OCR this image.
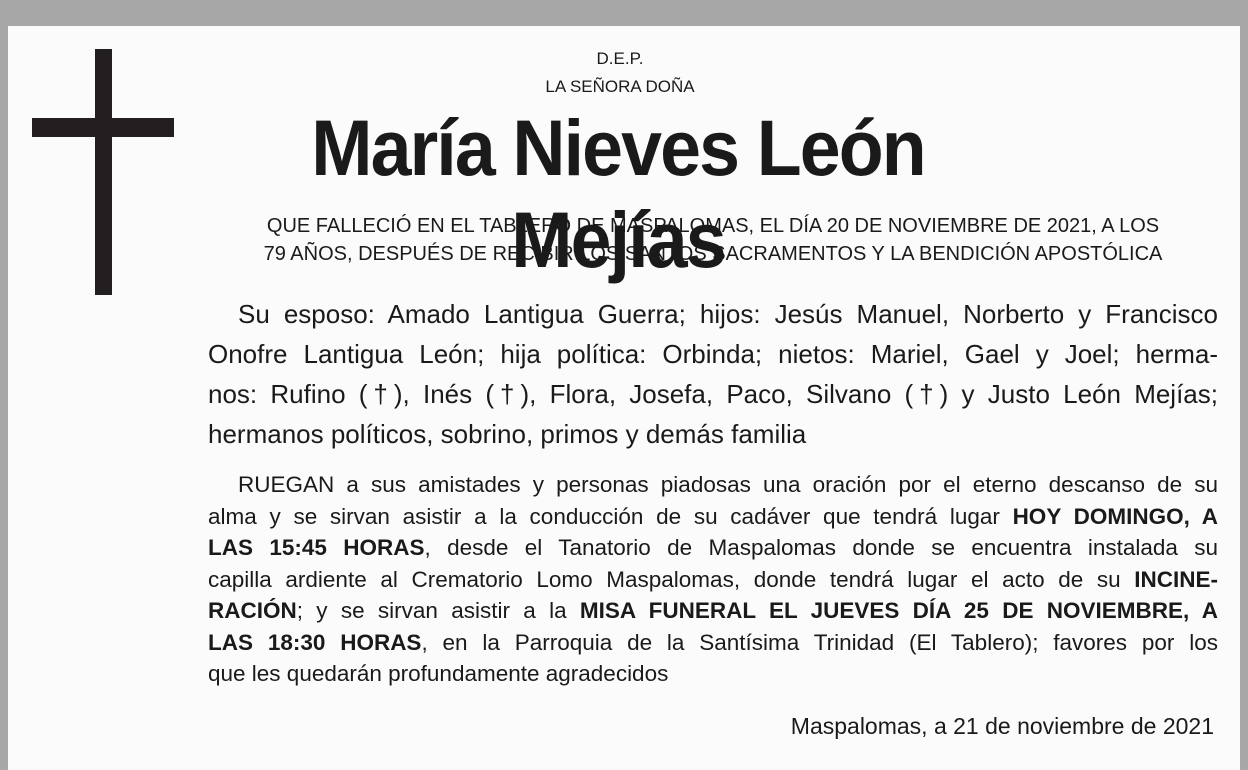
D.E.P.
LA SEÑORA DOÑA
María Nieves León Mejías
QUE FALLECIÓ EN EL TABLERO DE MASPALOMAS, EL DÍA 20 DE NOVIEMBRE DE 2021, A LOS
79 AÑOS, DESPUÉS DE RECIBIR LOS SANTOS SACRAMENTOS Y LA BENDICIÓN APOSTÓLICA
Su esposo: Amado Lantigua Guerra; hijos: Jesús Manuel, Norberto y Francisco
Onofre Lantigua León; hija política: Orbinda; nietos: Mariel, Gael y Joel; herma-
nos: Rufino (†), Inés (†), Flora, Josefa, Paco, Silvano (†) y Justo León Mejías;
hermanos políticos, sobrino, primos y demás familia
RUEGAN a sus amistades y personas piadosas una oración por el eterno descanso de su
alma y se sirvan asistir a la conducción de su cadáver que tendrá lugar HOY DOMINGO, A
LAS 15:45 HORAS, desde el Tanatorio de Maspalomas donde se encuentra instalada su
capilla ardiente al Crematorio Lomo Maspalomas, donde tendrá lugar el acto de su INCINE-
RACIÓN; y se sirvan asistir a la MISA FUNERAL EL JUEVES DÍA 25 DE NOVIEMBRE, A
LAS 18:30 HORAS, en la Parroquia de la Santísima Trinidad (El Tablero); favores por los
que les quedarán profundamente agradecidos
Maspalomas, a 21 de noviembre de 2021
